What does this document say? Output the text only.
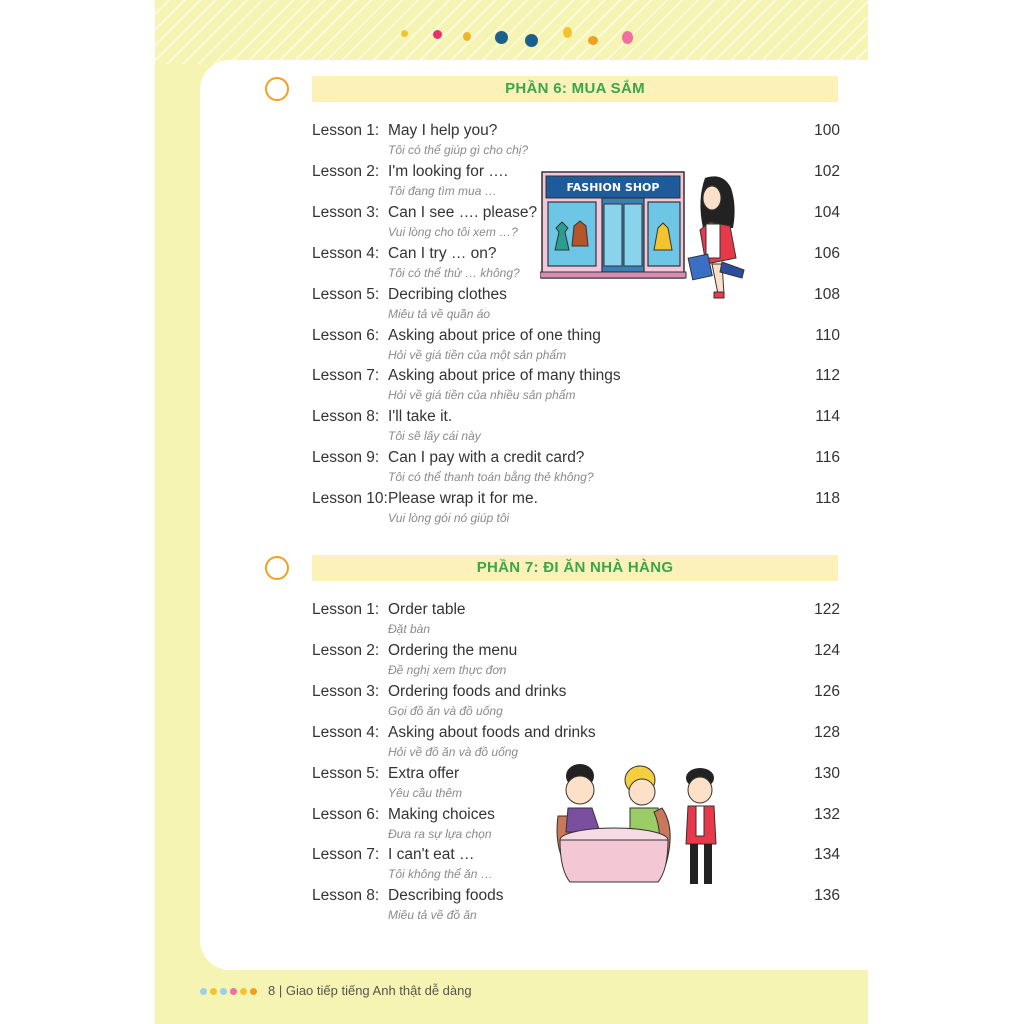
PHẦN 6: MUA SẮM
Lesson 1: May I help you?
Tôi có thể giúp gì cho chị?
100
Lesson 2: I'm looking for ….
Tôi đang tìm mua …
102
Lesson 3: Can I see …. please?
Vui lòng cho tôi xem …?
104
Lesson 4: Can I try … on?
Tôi có thể thử … không?
106
Lesson 5: Decribing clothes
Miêu tả về quần áo
108
Lesson 6: Asking about price of one thing
Hỏi về giá tiền của một sản phẩm
110
Lesson 7: Asking about price of many things
Hỏi về giá tiền của nhiều sản phẩm
112
Lesson 8: I'll take it.
Tôi sẽ lấy cái này
114
Lesson 9: Can I pay with a credit card?
Tôi có thể thanh toán bằng thẻ không?
116
Lesson 10: Please wrap it for me.
Vui lòng gói nó giúp tôi
118
PHẦN 7: ĐI ĂN NHÀ HÀNG
Lesson 1: Order table
Đặt bàn
122
Lesson 2: Ordering the menu
Đề nghị xem thực đơn
124
Lesson 3: Ordering foods and drinks
Gọi đồ ăn và đồ uống
126
Lesson 4: Asking about foods and drinks
Hỏi về đồ ăn và đồ uống
128
Lesson 5: Extra offer
Yêu cầu thêm
130
Lesson 6: Making choices
Đưa ra sự lựa chọn
132
Lesson 7: I can't eat …
Tôi không thể ăn …
134
Lesson 8: Describing foods
Miêu tả về đồ ăn
136
FASHION SHOP
8 | Giao tiếp tiếng Anh thật dễ dàng
